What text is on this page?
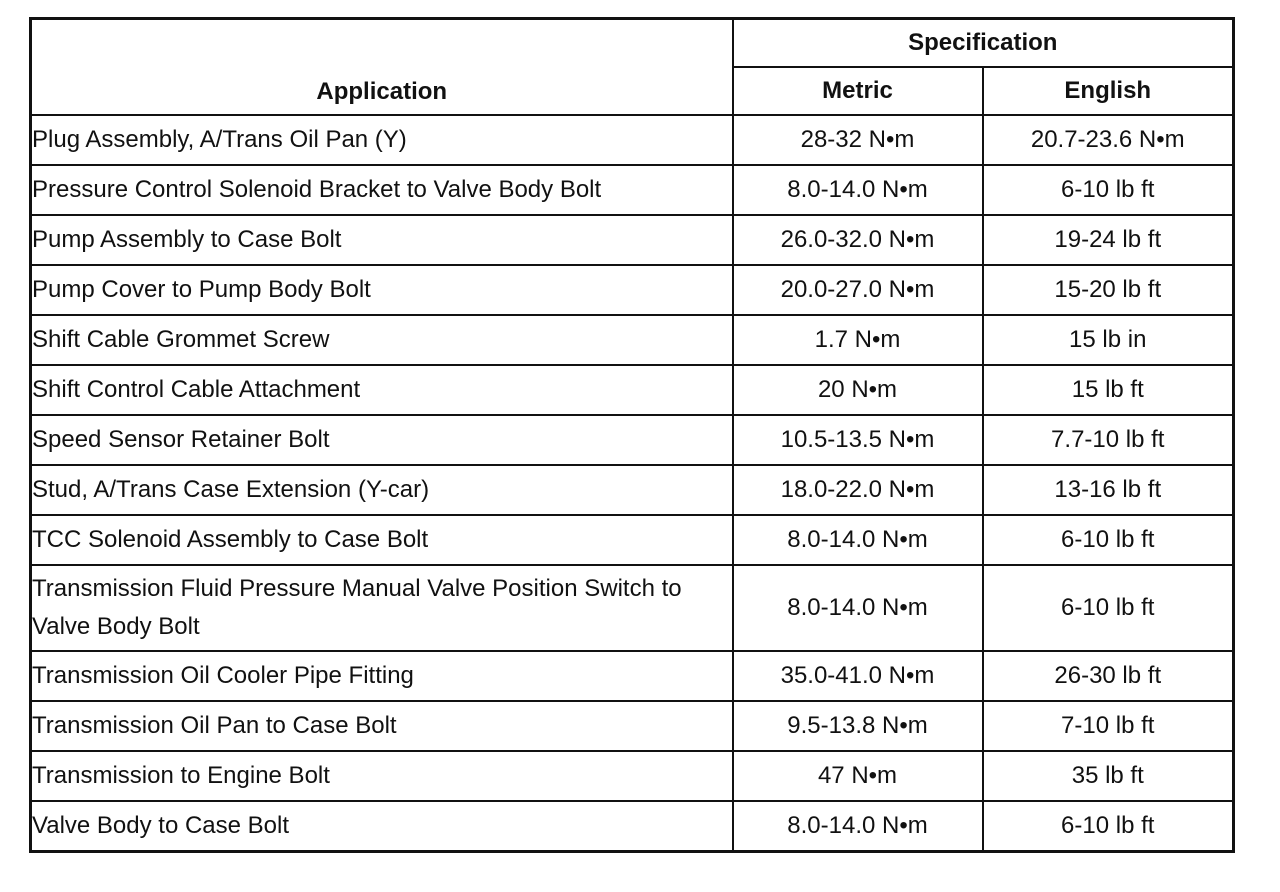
Application	Specification	
	Metric	English
Plug Assembly, A/Trans Oil Pan (Y)	28-32 N•m	20.7-23.6 N•m
Pressure Control Solenoid Bracket to Valve Body Bolt	8.0-14.0 N•m	6-10 lb ft
Pump Assembly to Case Bolt	26.0-32.0 N•m	19-24 lb ft
Pump Cover to Pump Body Bolt	20.0-27.0 N•m	15-20 lb ft
Shift Cable Grommet Screw	1.7 N•m	15 lb in
Shift Control Cable Attachment	20 N•m	15 lb ft
Speed Sensor Retainer Bolt	10.5-13.5 N•m	7.7-10 lb ft
Stud, A/Trans Case Extension (Y-car)	18.0-22.0 N•m	13-16 lb ft
TCC Solenoid Assembly to Case Bolt	8.0-14.0 N•m	6-10 lb ft
Transmission Fluid Pressure Manual Valve Position Switch to Valve Body Bolt	8.0-14.0 N•m	6-10 lb ft
Transmission Oil Cooler Pipe Fitting	35.0-41.0 N•m	26-30 lb ft
Transmission Oil Pan to Case Bolt	9.5-13.8 N•m	7-10 lb ft
Transmission to Engine Bolt	47 N•m	35 lb ft
Valve Body to Case Bolt	8.0-14.0 N•m	6-10 lb ft
